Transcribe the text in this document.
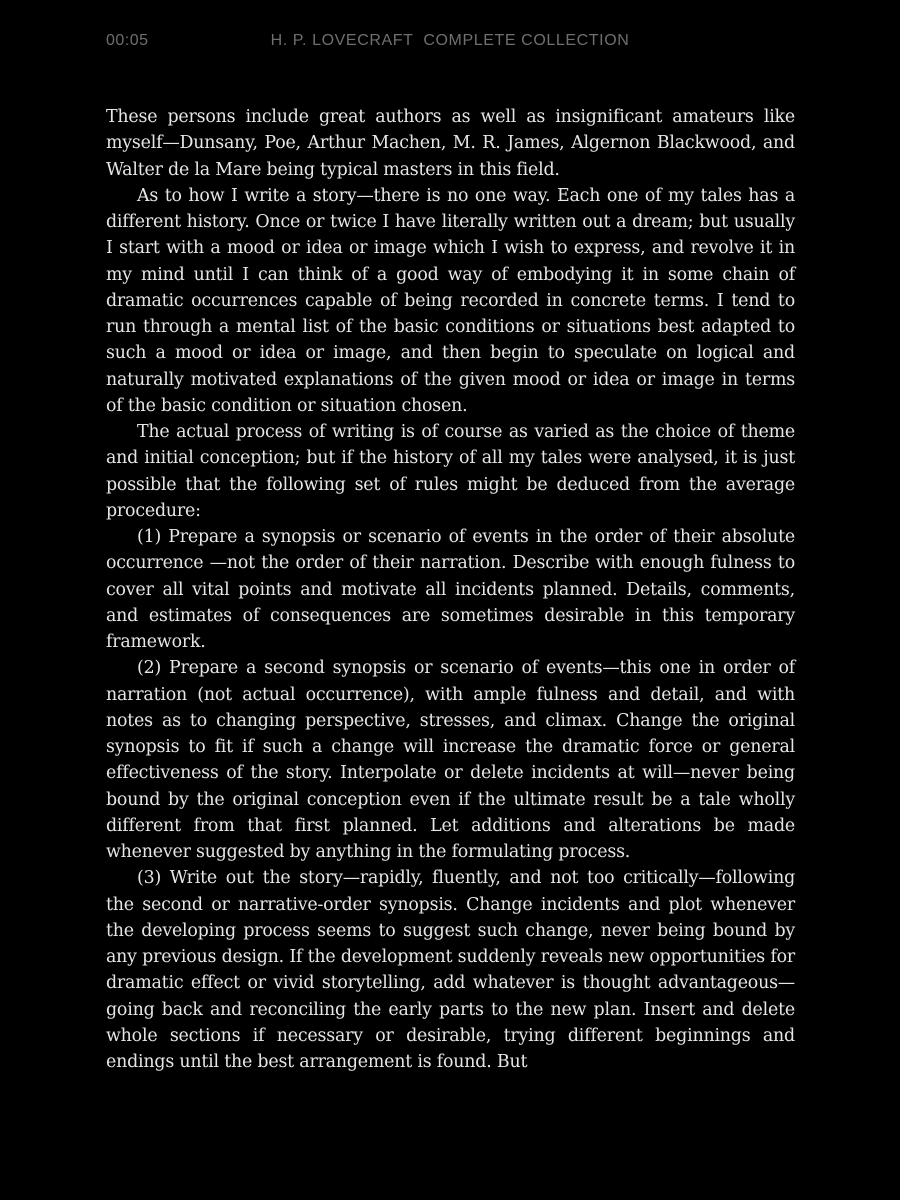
00:05	H. P. LOVECRAFT  COMPLETE COLLECTION

These persons include great authors as well as insignificant amateurs like myself—Dunsany, Poe, Arthur Machen, M. R. James, Algernon Blackwood, and Walter de la Mare being typical masters in this field.

As to how I write a story—there is no one way. Each one of my tales has a different history. Once or twice I have literally written out a dream; but usually I start with a mood or idea or image which I wish to express, and revolve it in my mind until I can think of a good way of embodying it in some chain of dramatic occurrences capable of being recorded in concrete terms. I tend to run through a mental list of the basic conditions or situations best adapted to such a mood or idea or image, and then begin to speculate on logical and naturally motivated explanations of the given mood or idea or image in terms of the basic condition or situation chosen.

The actual process of writing is of course as varied as the choice of theme and initial conception; but if the history of all my tales were analysed, it is just possible that the following set of rules might be deduced from the average procedure:

(1) Prepare a synopsis or scenario of events in the order of their absolute occurrence —not the order of their narration. Describe with enough fulness to cover all vital points and motivate all incidents planned. Details, comments, and estimates of consequences are sometimes desirable in this temporary framework.

(2) Prepare a second synopsis or scenario of events—this one in order of narration (not actual occurrence), with ample fulness and detail, and with notes as to changing perspective, stresses, and climax. Change the original synopsis to fit if such a change will increase the dramatic force or general effectiveness of the story. Interpolate or delete incidents at will—never being bound by the original conception even if the ultimate result be a tale wholly different from that first planned. Let additions and alterations be made whenever suggested by anything in the formulating process.

(3) Write out the story—rapidly, fluently, and not too critically—following the second or narrative-order synopsis. Change incidents and plot whenever the developing process seems to suggest such change, never being bound by any previous design. If the development suddenly reveals new opportunities for dramatic effect or vivid storytelling, add whatever is thought advantageous—going back and reconciling the early parts to the new plan. Insert and delete whole sections if necessary or desirable, trying different beginnings and endings until the best arrangement is found. But
